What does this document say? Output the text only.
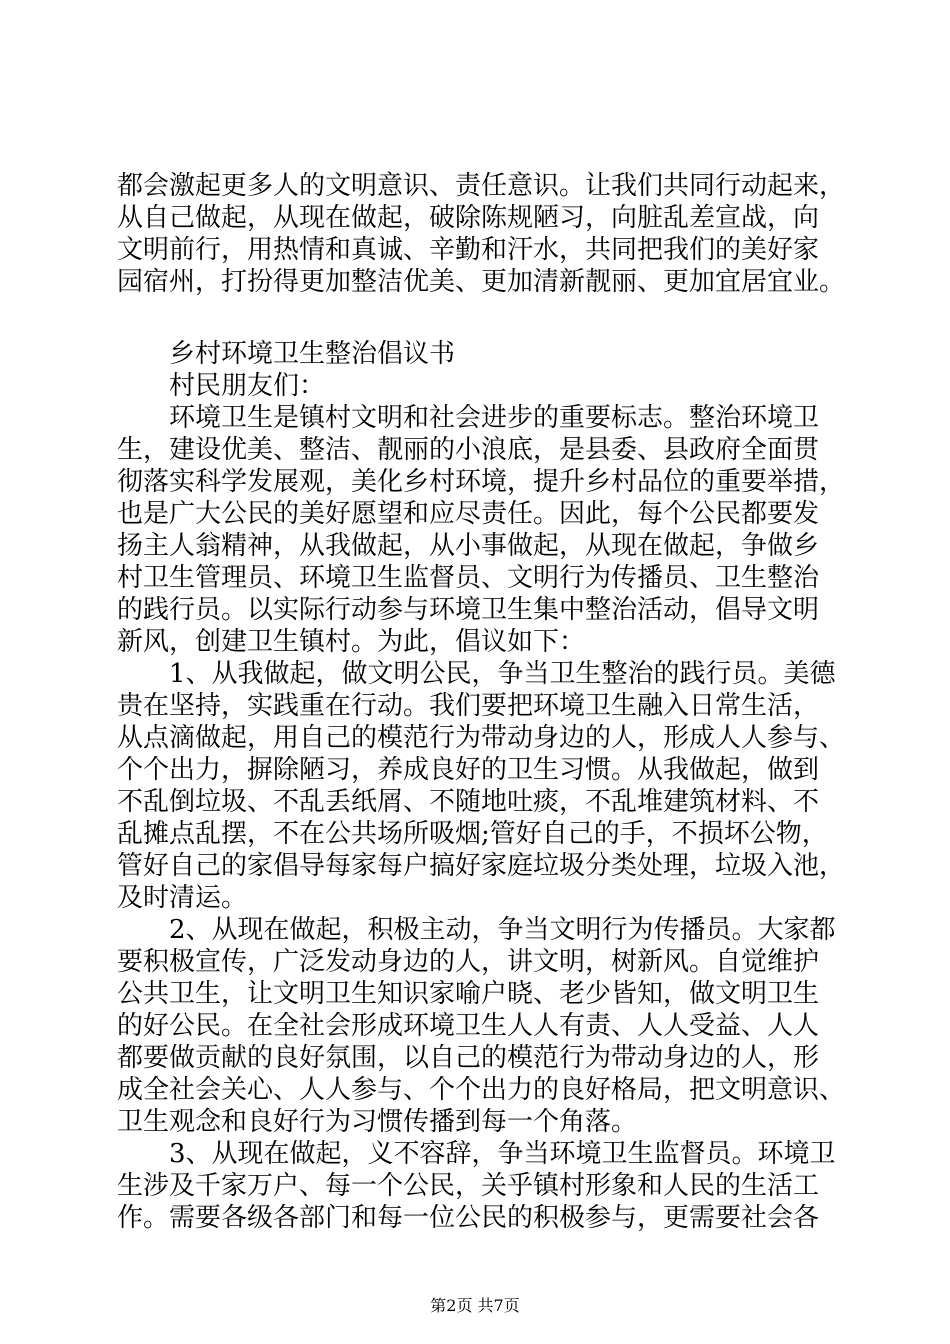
都会激起更多人的文明意识、责任意识。让我们共同行动起来，
从自己做起，从现在做起，破除陈规陋习，向脏乱差宣战，向
文明前行，用热情和真诚、辛勤和汗水，共同把我们的美好家
园宿州，打扮得更加整洁优美、更加清新靓丽、更加宜居宜业。
乡村环境卫生整治倡议书
村民朋友们：
环境卫生是镇村文明和社会进步的重要标志。整治环境卫
生，建设优美、整洁、靓丽的小浪底，是县委、县政府全面贯
彻落实科学发展观，美化乡村环境，提升乡村品位的重要举措，
也是广大公民的美好愿望和应尽责任。因此，每个公民都要发
扬主人翁精神，从我做起，从小事做起，从现在做起，争做乡
村卫生管理员、环境卫生监督员、文明行为传播员、卫生整治
的践行员。以实际行动参与环境卫生集中整治活动，倡导文明
新风，创建卫生镇村。为此，倡议如下：
1、从我做起，做文明公民，争当卫生整治的践行员。美德
贵在坚持，实践重在行动。我们要把环境卫生融入日常生活，
从点滴做起，用自己的模范行为带动身边的人，形成人人参与、
个个出力，摒除陋习，养成良好的卫生习惯。从我做起，做到
不乱倒垃圾、不乱丢纸屑、不随地吐痰，不乱堆建筑材料、不
乱摊点乱摆，不在公共场所吸烟;管好自己的手，不损坏公物，
管好自己的家倡导每家每户搞好家庭垃圾分类处理，垃圾入池，
及时清运。
2、从现在做起，积极主动，争当文明行为传播员。大家都
要积极宣传，广泛发动身边的人，讲文明，树新风。自觉维护
公共卫生，让文明卫生知识家喻户晓、老少皆知，做文明卫生
的好公民。在全社会形成环境卫生人人有责、人人受益、人人
都要做贡献的良好氛围，以自己的模范行为带动身边的人，形
成全社会关心、人人参与、个个出力的良好格局，把文明意识、
卫生观念和良好行为习惯传播到每一个角落。
3、从现在做起，义不容辞，争当环境卫生监督员。环境卫
生涉及千家万户、每一个公民，关乎镇村形象和人民的生活工
作。需要各级各部门和每一位公民的积极参与，更需要社会各
第2页 共7页
